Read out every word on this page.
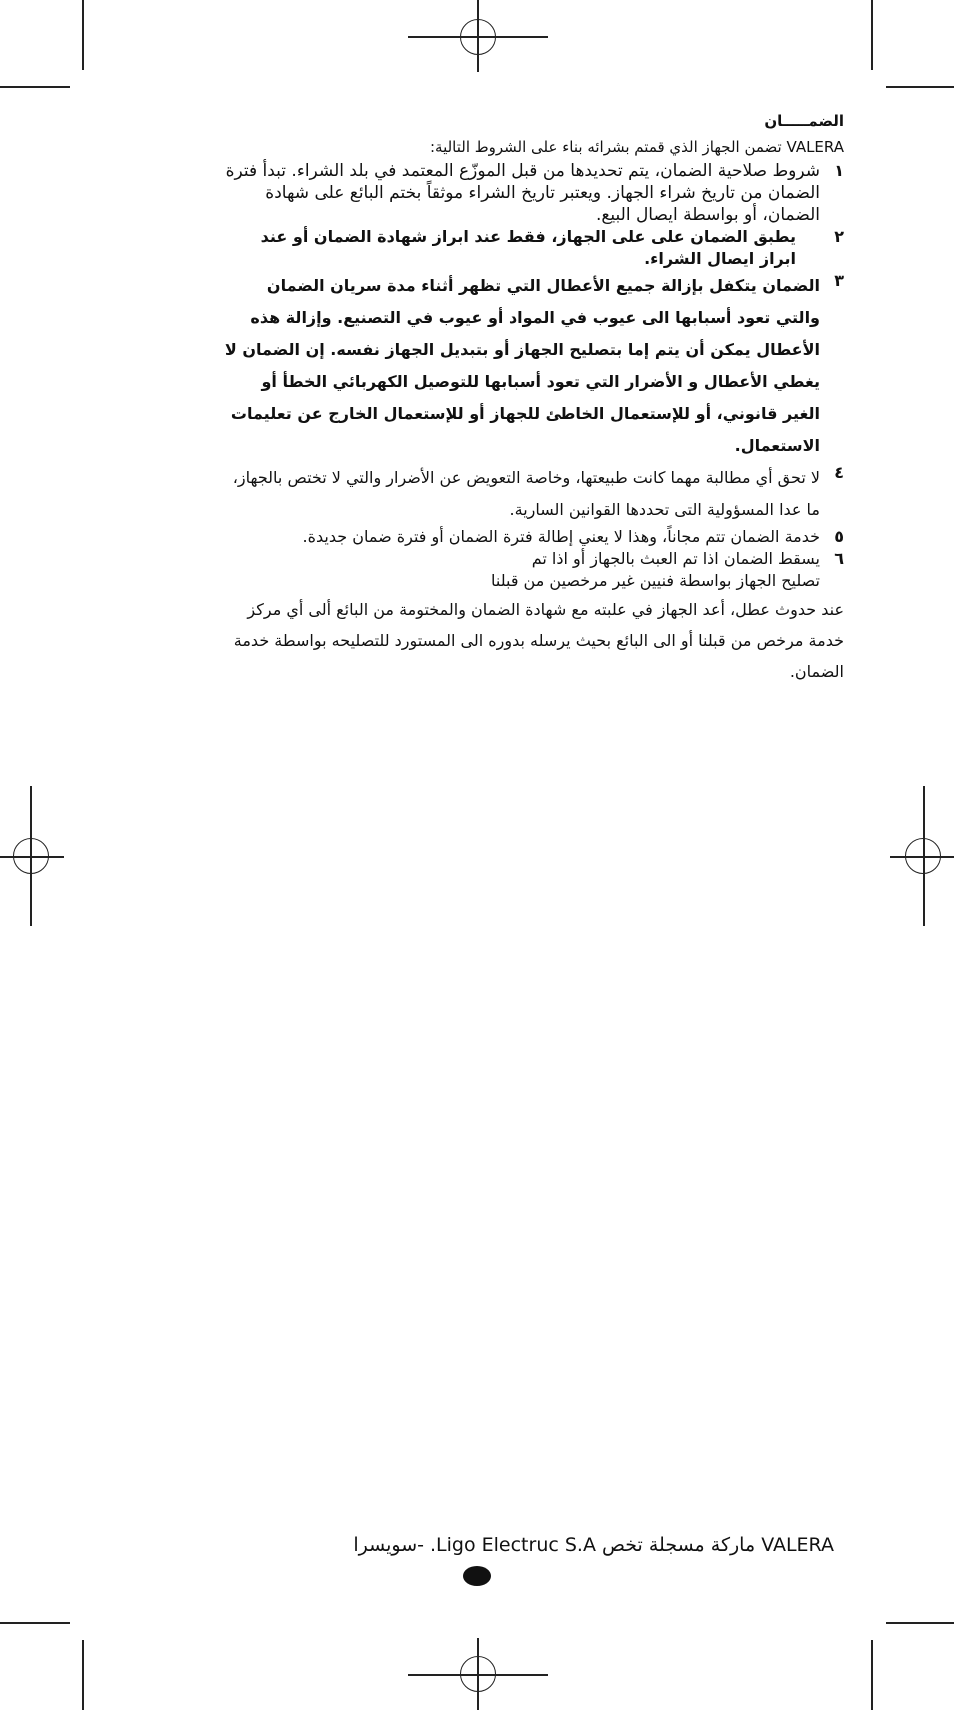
الضمـــــان
VALERA تضمن الجهاز الذي قمتم بشرائه بناء على الشروط التالية:
١
شروط صلاحية الضمان، يتم تحديدها من قبل الموزّع المعتمد في بلد الشراء. تبدأ فترة الضمان من تاريخ شراء الجهاز. ويعتبر تاريخ الشراء موثقاً بختم البائع على شهادة الضمان، أو بواسطة ايصال البيع.
٢
يطبق الضمان على على الجهاز، فقط عند ابراز شهادة الضمان أو عند ابراز ايصال الشراء.
٣
الضمان يتكفل بإزالة جميع الأعطال التي تظهر أثناء مدة سريان الضمان والتي تعود أسبابها الى عيوب في المواد أو عيوب في التصنيع. وإزالة هذه الأعطال يمكن أن يتم إما بتصليح الجهاز أو بتبديل الجهاز نفسه. إن الضمان لا يغطي الأعطال و الأضرار التي تعود أسبابها للتوصيل الكهربائي الخطأ أو الغير قانوني، أو للإستعمال الخاطئ للجهاز أو للإستعمال الخارج عن تعليمات الاستعمال.
٤
لا تحق أي مطالبة مهما كانت طبيعتها، وخاصة التعويض عن الأضرار والتي لا تختص بالجهاز، ما عدا المسؤولية التى تحددها القوانين السارية.
٥
خدمة الضمان تتم مجاناً، وهذا لا يعني إطالة فترة الضمان أو فترة ضمان جديدة.
٦
يسقط الضمان اذا تم العبث بالجهاز أو اذا تم تصليح الجهاز بواسطة فنيين غير مرخصين من قبلنا
عند حدوث عطل، أعد الجهاز في علبته مع شهادة الضمان والمختومة من البائع ألى أي مركز خدمة مرخص من قبلنا أو الى البائع بحيث يرسله بدوره الى المستورد للتصليحه بواسطة خدمة الضمان.
VALERA ماركة مسجلة تخص Ligo Electruc S.A. -سويسرا
